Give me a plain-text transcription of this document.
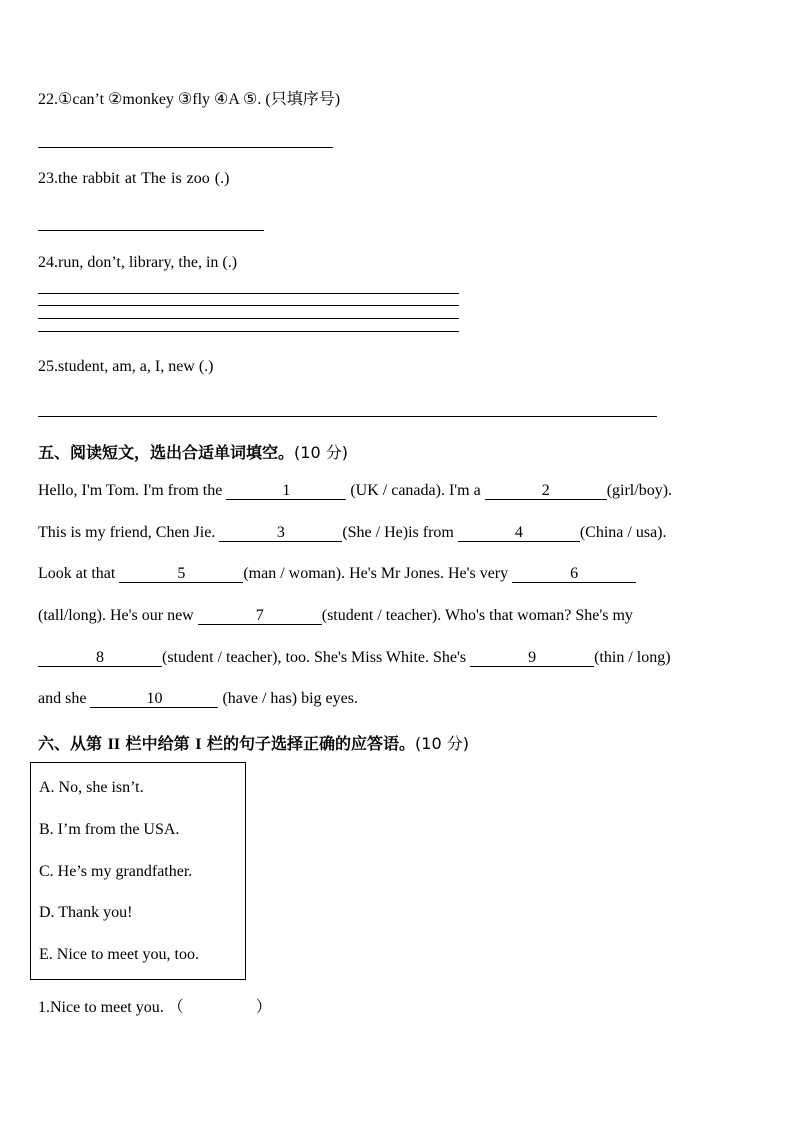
22.①can’t ②monkey ③fly ④A ⑤. (只填序号)
23.the rabbit at The is zoo (.)
24.run, don’t, library, the, in (.)
25.student, am, a, I, new (.)
五、阅读短文，选出合适单词填空。(10 分)
Hello, I'm Tom. I'm from the	1	(UK / canada). I'm a	2	(girl/boy).
This is my friend, Chen Jie.	3	(She / He)is from	4	(China / usa).
Look at that	5	(man / woman). He's Mr Jones. He's very	6
(tall/long). He's our new	7	(student / teacher). Who's that woman? She's my
8	(student / teacher), too. She's Miss White. She's	9	(thin / long)
and she	10	(have / has) big eyes.
六、从第 II 栏中给第 I 栏的句子选择正确的应答语。(10 分)
A. No, she isn’t.
B. I’m from the USA.
C. He’s my grandfather.
D. Thank you!
E. Nice to meet you, too.
1.Nice to meet you. （	）
